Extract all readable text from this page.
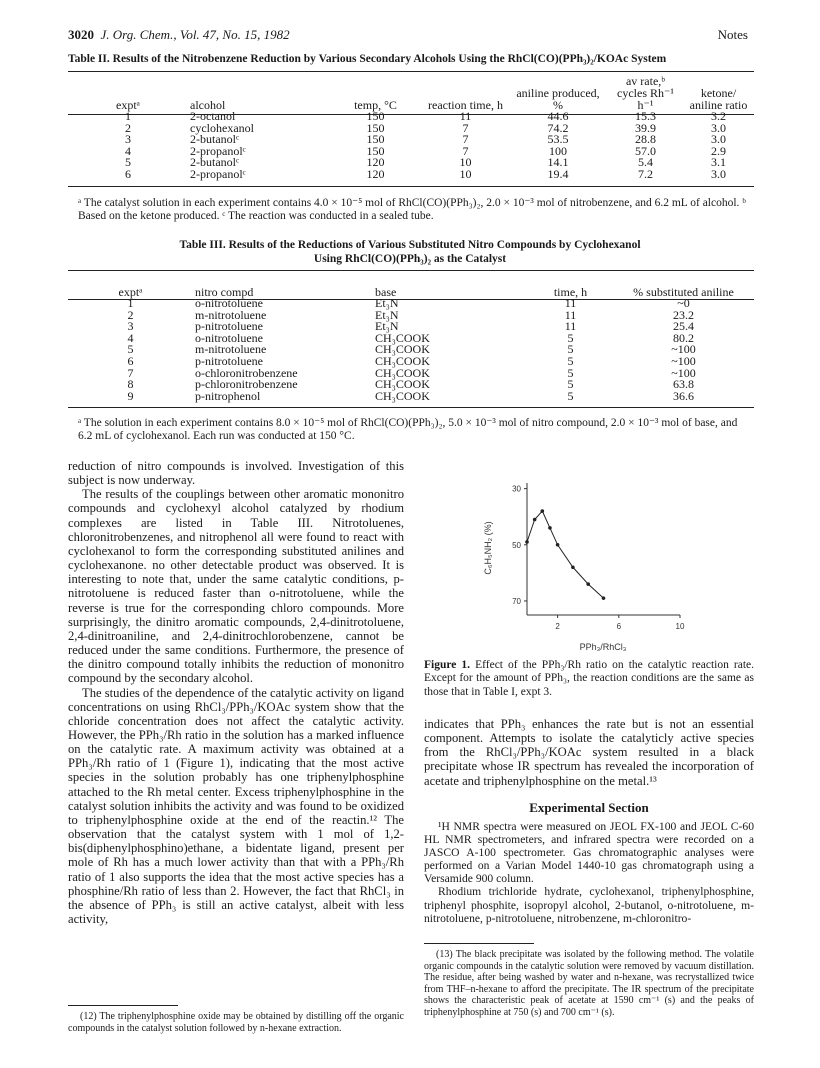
3020 J. Org. Chem., Vol. 47, No. 15, 1982	Notes
Table II. Results of the Nitrobenzene Reduction by Various Secondary Alcohols Using the RhCl(CO)(PPh₃)₂/KOAc System
exptᵃ	alcohol	temp, °C	reaction time, h	aniline produced, %	av rate,ᵇ cycles Rh⁻¹ h⁻¹	ketone/ aniline ratio
1	2-octanol	150	11	44.6	15.3	3.2
2	cyclohexanol	150	7	74.2	39.9	3.0
3	2-butanolᶜ	150	7	53.5	28.8	3.0
4	2-propanolᶜ	150	7	100	57.0	2.9
5	2-butanolᶜ	120	10	14.1	5.4	3.1
6	2-propanolᶜ	120	10	19.4	7.2	3.0
ᵃ The catalyst solution in each experiment contains 4.0 × 10⁻⁵ mol of RhCl(CO)(PPh₃)₂, 2.0 × 10⁻³ mol of nitrobenzene, and 6.2 mL of alcohol. ᵇ Based on the ketone produced. ᶜ The reaction was conducted in a sealed tube.
Table III. Results of the Reductions of Various Substituted Nitro Compounds by Cyclohexanol
Using RhCl(CO)(PPh₃)₂ as the Catalyst
exptᵃ	nitro compd	base	time, h	% substituted aniline
1	o-nitrotoluene	Et₃N	11	~0
2	m-nitrotoluene	Et₃N	11	23.2
3	p-nitrotoluene	Et₃N	11	25.4
4	o-nitrotoluene	CH₃COOK	5	80.2
5	m-nitrotoluene	CH₃COOK	5	~100
6	p-nitrotoluene	CH₃COOK	5	~100
7	o-chloronitrobenzene	CH₃COOK	5	~100
8	p-chloronitrobenzene	CH₃COOK	5	63.8
9	p-nitrophenol	CH₃COOK	5	36.6
ᵃ The solution in each experiment contains 8.0 × 10⁻⁵ mol of RhCl(CO)(PPh₃)₂, 5.0 × 10⁻³ mol of nitro compound, 2.0 × 10⁻³ mol of base, and 6.2 mL of cyclohexanol. Each run was conducted at 150 °C.

reduction of nitro compounds is involved. Investigation of this subject is now underway.

The results of the couplings between other aromatic mononitro compounds and cyclohexyl alcohol catalyzed by rhodium complexes are listed in Table III. Nitrotoluenes, chloronitrobenzenes, and nitrophenol all were found to react with cyclohexanol to form the corresponding substituted anilines and cyclohexanone. no other detectable product was observed. It is interesting to note that, under the same catalytic conditions, p-nitrotoluene is reduced faster than o-nitrotoluene, while the reverse is true for the corresponding chloro compounds. More surprisingly, the dinitro aromatic compounds, 2,4-dinitrotoluene, 2,4-dinitroaniline, and 2,4-dinitrochlorobenzene, cannot be reduced under the same conditions. Furthermore, the presence of the dinitro compound totally inhibits the reduction of mononitro compound by the secondary alcohol.

The studies of the dependence of the catalytic activity on ligand concentrations on using RhCl₃/PPh₃/KOAc system show that the chloride concentration does not affect the catalytic activity. However, the PPh₃/Rh ratio in the solution has a marked influence on the catalytic rate. A maximum activity was obtained at a PPh₃/Rh ratio of 1 (Figure 1), indicating that the most active species in the solution probably has one triphenylphosphine attached to the Rh metal center. Excess triphenylphosphine in the catalyst solution inhibits the activity and was found to be oxidized to triphenylphosphine oxide at the end of the reactin.¹² The observation that the catalyst system with 1 mol of 1,2-bis(diphenylphosphino)ethane, a bidentate ligand, present per mole of Rh has a much lower activity than that with a PPh₃/Rh ratio of 1 also supports the idea that the most active species has a phosphine/Rh ratio of less than 2. However, the fact that RhCl₃ in the absence of PPh₃ is still an active catalyst, albeit with less activity,

(12) The triphenylphosphine oxide may be obtained by distilling off the organic compounds in the catalyst solution followed by n-hexane extraction.

70
50
30
2	6	10
C₆H₅NH₂ (%)
PPh₃/RhCl₃
Figure 1. Effect of the PPh₃/Rh ratio on the catalytic reaction rate. Except for the amount of PPh₃, the reaction conditions are the same as those that in Table I, expt 3.

indicates that PPh₃ enhances the rate but is not an essential component. Attempts to isolate the catalyticly active species from the RhCl₃/PPh₃/KOAc system resulted in a black precipitate whose IR spectrum has revealed the incorporation of acetate and triphenylphosphine on the metal.¹³

Experimental Section

¹H NMR spectra were measured on JEOL FX-100 and JEOL C-60 HL NMR spectrometers, and infrared spectra were recorded on a JASCO A-100 spectrometer. Gas chromatographic analyses were performed on a Varian Model 1440-10 gas chromatograph using a Versamide 900 column.

Rhodium trichloride hydrate, cyclohexanol, triphenylphosphine, triphenyl phosphite, isopropyl alcohol, 2-butanol, o-nitrotoluene, m-nitrotoluene, p-nitrotoluene, nitrobenzene, m-chloronitro-

(13) The black precipitate was isolated by the following method. The volatile organic compounds in the catalytic solution were removed by vacuum distillation. The residue, after being washed by water and n-hexane, was recrystallized twice from THF–n-hexane to afford the precipitate. The IR spectrum of the precipitate shows the characteristic peak of acetate at 1590 cm⁻¹ (s) and the peaks of triphenylphosphine at 750 (s) and 700 cm⁻¹ (s).
